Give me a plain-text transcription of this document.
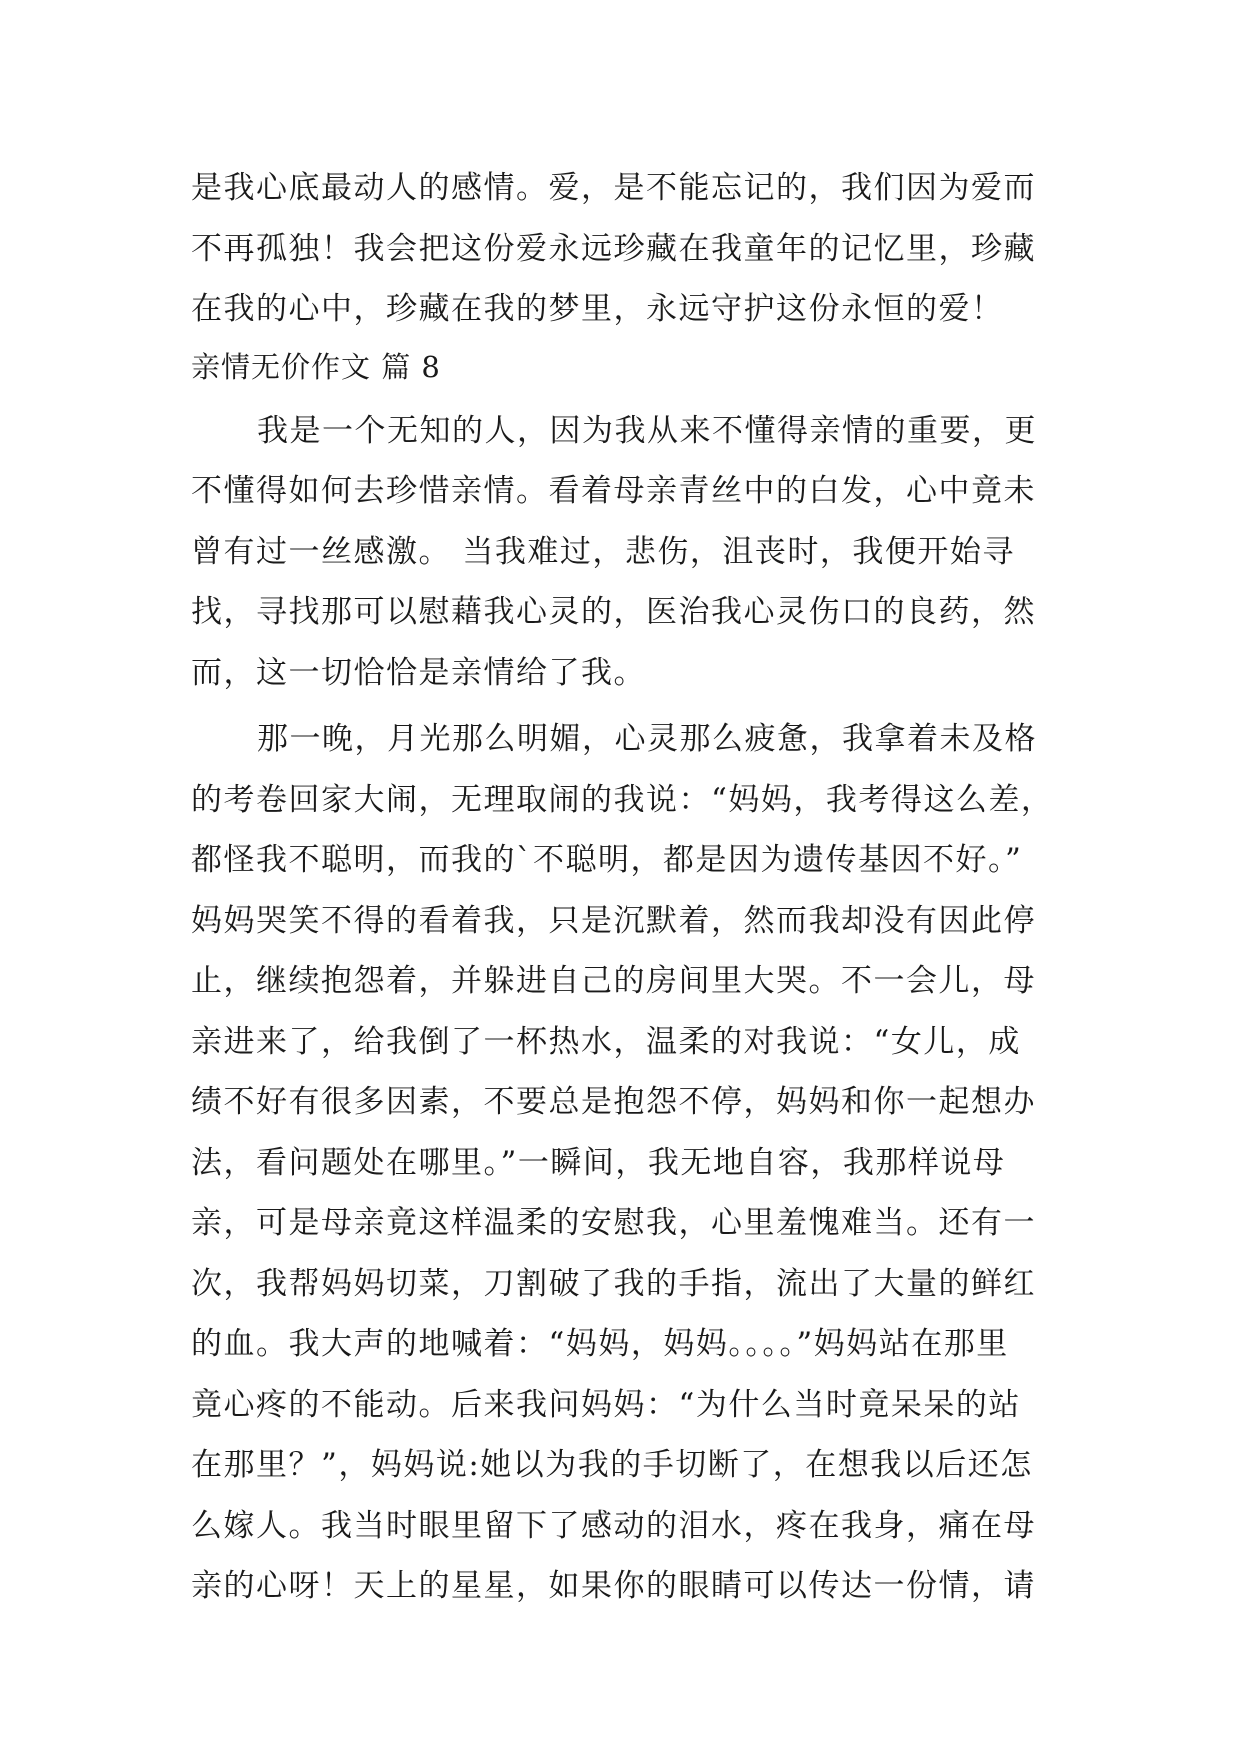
是我心底最动人的感情。爱，是不能忘记的，我们因为爱而
不再孤独！我会把这份爱永远珍藏在我童年的记忆里，珍藏
在我的心中，珍藏在我的梦里，永远守护这份永恒的爱！
亲情无价作文 篇 8
我是一个无知的人，因为我从来不懂得亲情的重要，更
不懂得如何去珍惜亲情。看着母亲青丝中的白发，心中竟未
曾有过一丝感激。 当我难过，悲伤，沮丧时，我便开始寻
找，寻找那可以慰藉我心灵的，医治我心灵伤口的良药，然
而，这一切恰恰是亲情给了我。
那一晚，月光那么明媚，心灵那么疲惫，我拿着未及格
的考卷回家大闹，无理取闹的我说：“妈妈，我考得这么差，
都怪我不聪明，而我的`不聪明，都是因为遗传基因不好。”
妈妈哭笑不得的看着我，只是沉默着，然而我却没有因此停
止，继续抱怨着，并躲进自己的房间里大哭。不一会儿，母
亲进来了，给我倒了一杯热水，温柔的对我说：“女儿，成
绩不好有很多因素，不要总是抱怨不停，妈妈和你一起想办
法，看问题处在哪里。”一瞬间，我无地自容，我那样说母
亲，可是母亲竟这样温柔的安慰我，心里羞愧难当。还有一
次，我帮妈妈切菜，刀割破了我的手指，流出了大量的鲜红
的血。我大声的地喊着：“妈妈，妈妈。。。。”妈妈站在那里
竟心疼的不能动。后来我问妈妈：“为什么当时竟呆呆的站
在那里？”，妈妈说:她以为我的手切断了，在想我以后还怎
么嫁人。我当时眼里留下了感动的泪水，疼在我身，痛在母
亲的心呀！天上的星星，如果你的眼睛可以传达一份情，请
